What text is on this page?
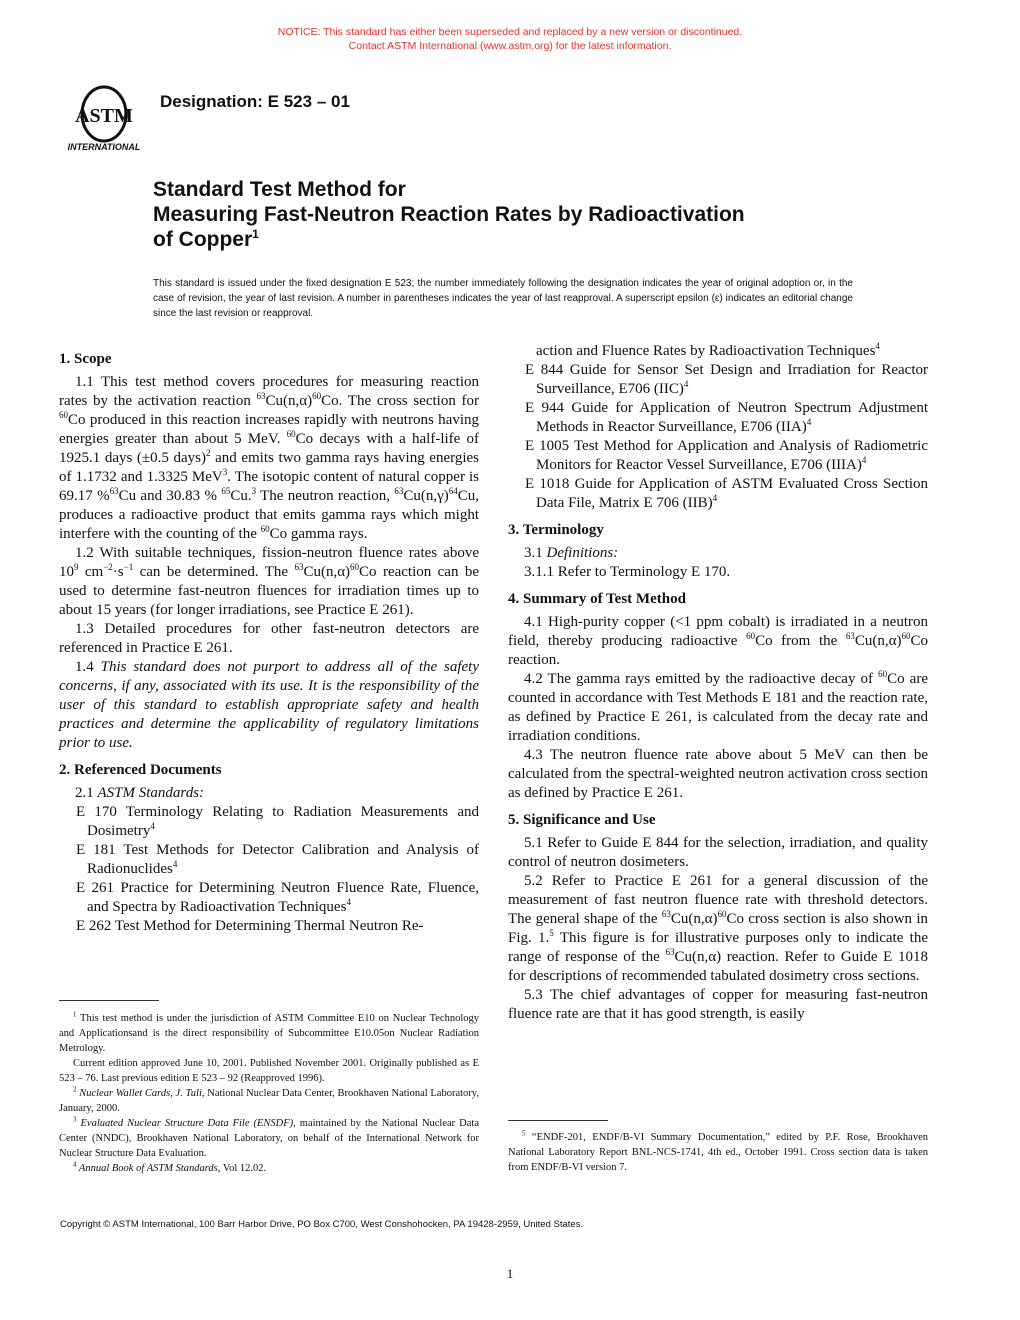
NOTICE: This standard has either been superseded and replaced by a new version or discontinued.
Contact ASTM International (www.astm.org) for the latest information.
ASTM
INTERNATIONAL
Designation: E 523 – 01
Standard Test Method for
Measuring Fast-Neutron Reaction Rates by Radioactivation
of Copper$^1$
This standard is issued under the fixed designation E 523; the number immediately following the designation indicates the year of original adoption or, in the case of revision, the year of last revision. A number in parentheses indicates the year of last reapproval. A superscript epsilon (ε) indicates an editorial change since the last revision or reapproval.
1. Scope

1.1 This test method covers procedures for measuring reaction rates by the activation reaction $^{63}Cu(n,\alpha)^{60}Co$. The cross section for $^{60}$Co produced in this reaction increases rapidly with neutrons having energies greater than about 5 MeV. $^{60}$Co decays with a half-life of 1925.1 days (±0.5 days)$^2$ and emits two gamma rays having energies of 1.1732 and 1.3325 MeV$^3$. The isotopic content of natural copper is 69.17 %$^{63}$Cu and 30.83 % $^{65}$Cu.$^3$ The neutron reaction, $^{63}Cu(n,\gamma)^{64}Cu$, produces a radioactive product that emits gamma rays which might interfere with the counting of the $^{60}$Co gamma rays.

1.2 With suitable techniques, fission-neutron fluence rates above $10^9$ $cm^{-2}\cdot s^{-1}$ can be determined. The $^{63}Cu(n,\alpha)^{60}Co$ reaction can be used to determine fast-neutron fluences for irradiation times up to about 15 years (for longer irradiations, see Practice E 261).

1.3 Detailed procedures for other fast-neutron detectors are referenced in Practice E 261.

1.4 This standard does not purport to address all of the safety concerns, if any, associated with its use. It is the responsibility of the user of this standard to establish appropriate safety and health practices and determine the applicability of regulatory limitations prior to use.

2. Referenced Documents

2.1 ASTM Standards:

E 170 Terminology Relating to Radiation Measurements and Dosimetry$^4$
E 181 Test Methods for Detector Calibration and Analysis of Radionuclides$^4$
E 261 Practice for Determining Neutron Fluence Rate, Fluence, and Spectra by Radioactivation Techniques$^4$
E 262 Test Method for Determining Thermal Neutron Re-
action and Fluence Rates by Radioactivation Techniques$^4$
E 844 Guide for Sensor Set Design and Irradiation for Reactor Surveillance, E706 (IIC)$^4$
E 944 Guide for Application of Neutron Spectrum Adjustment Methods in Reactor Surveillance, E706 (IIA)$^4$
E 1005 Test Method for Application and Analysis of Radiometric Monitors for Reactor Vessel Surveillance, E706 (IIIA)$^4$
E 1018 Guide for Application of ASTM Evaluated Cross Section Data File, Matrix E 706 (IIB)$^4$
3. Terminology

3.1 Definitions:

3.1.1 Refer to Terminology E 170.

4. Summary of Test Method

4.1 High-purity copper (<1 ppm cobalt) is irradiated in a neutron field, thereby producing radioactive $^{60}$Co from the $^{63}Cu(n,\alpha)^{60}Co$ reaction.

4.2 The gamma rays emitted by the radioactive decay of $^{60}$Co are counted in accordance with Test Methods E 181 and the reaction rate, as defined by Practice E 261, is calculated from the decay rate and irradiation conditions.

4.3 The neutron fluence rate above about 5 MeV can then be calculated from the spectral-weighted neutron activation cross section as defined by Practice E 261.

5. Significance and Use

5.1 Refer to Guide E 844 for the selection, irradiation, and quality control of neutron dosimeters.

5.2 Refer to Practice E 261 for a general discussion of the measurement of fast neutron fluence rate with threshold detectors. The general shape of the $^{63}Cu(n,\alpha)^{60}Co$ cross section is also shown in Fig. 1.$^5$ This figure is for illustrative purposes only to indicate the range of response of the $^{63}$Cu(n,α) reaction. Refer to Guide E 1018 for descriptions of recommended tabulated dosimetry cross sections.

5.3 The chief advantages of copper for measuring fast-neutron fluence rate are that it has good strength, is easily

$^1$ This test method is under the jurisdiction of ASTM Committee E10 on Nuclear Technology and Applicationsand is the direct responsibility of Subcommittee E10.05on Nuclear Radiation Metrology.

Current edition approved June 10, 2001. Published November 2001. Originally published as E 523 – 76. Last previous edition E 523 – 92 (Reapproved 1996).

$^2$ Nuclear Wallet Cards, J. Tuli, National Nuclear Data Center, Brookhaven National Laboratory, January, 2000.

$^3$ Evaluated Nuclear Structure Data File (ENSDF), maintained by the National Nuclear Data Center (NNDC), Brookhaven National Laboratory, on behalf of the International Network for Nuclear Structure Data Evaluation.

$^4$ Annual Book of ASTM Standards, Vol 12.02.

$^5$ “ENDF-201, ENDF/B-VI Summary Documentation,” edited by P.F. Rose, Brookhaven National Laboratory Report BNL-NCS-1741, 4th ed., October 1991. Cross section data is taken from ENDF/B-VI version 7.

Copyright © ASTM International, 100 Barr Harbor Drive, PO Box C700, West Conshohocken, PA 19428-2959, United States.
1
